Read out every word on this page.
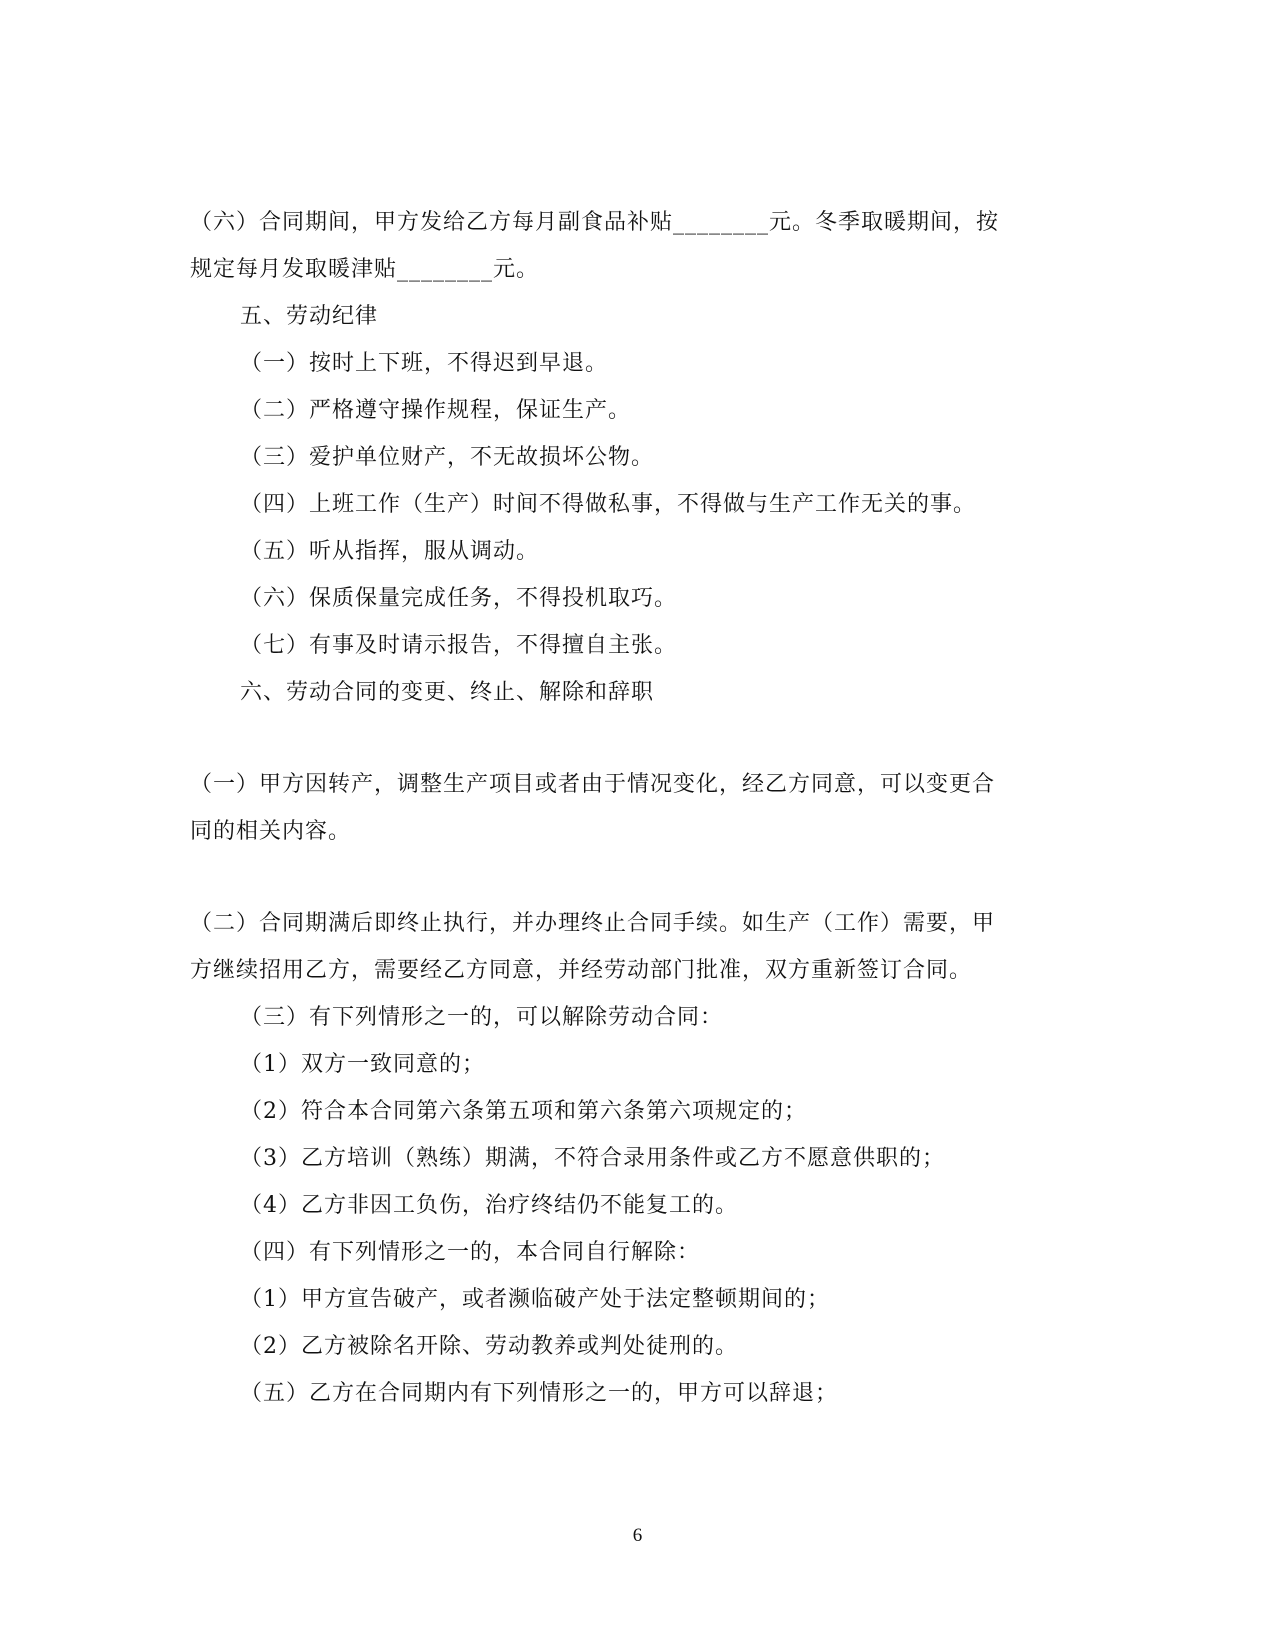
（六）合同期间，甲方发给乙方每月副食品补贴________元。冬季取暖期间，按
规定每月发取暖津贴________元。
五、劳动纪律
（一）按时上下班，不得迟到早退。
（二）严格遵守操作规程，保证生产。
（三）爱护单位财产，不无故损坏公物。
（四）上班工作（生产）时间不得做私事，不得做与生产工作无关的事。
（五）听从指挥，服从调动。
（六）保质保量完成任务，不得投机取巧。
（七）有事及时请示报告，不得擅自主张。
六、劳动合同的变更、终止、解除和辞职
（一）甲方因转产，调整生产项目或者由于情况变化，经乙方同意，可以变更合
同的相关内容。
（二）合同期满后即终止执行，并办理终止合同手续。如生产（工作）需要，甲
方继续招用乙方，需要经乙方同意，并经劳动部门批准，双方重新签订合同。
（三）有下列情形之一的，可以解除劳动合同：
（1）双方一致同意的；
（2）符合本合同第六条第五项和第六条第六项规定的；
（3）乙方培训（熟练）期满，不符合录用条件或乙方不愿意供职的；
（4）乙方非因工负伤，治疗终结仍不能复工的。
（四）有下列情形之一的，本合同自行解除：
（1）甲方宣告破产，或者濒临破产处于法定整顿期间的；
（2）乙方被除名开除、劳动教养或判处徒刑的。
（五）乙方在合同期内有下列情形之一的，甲方可以辞退；
6
